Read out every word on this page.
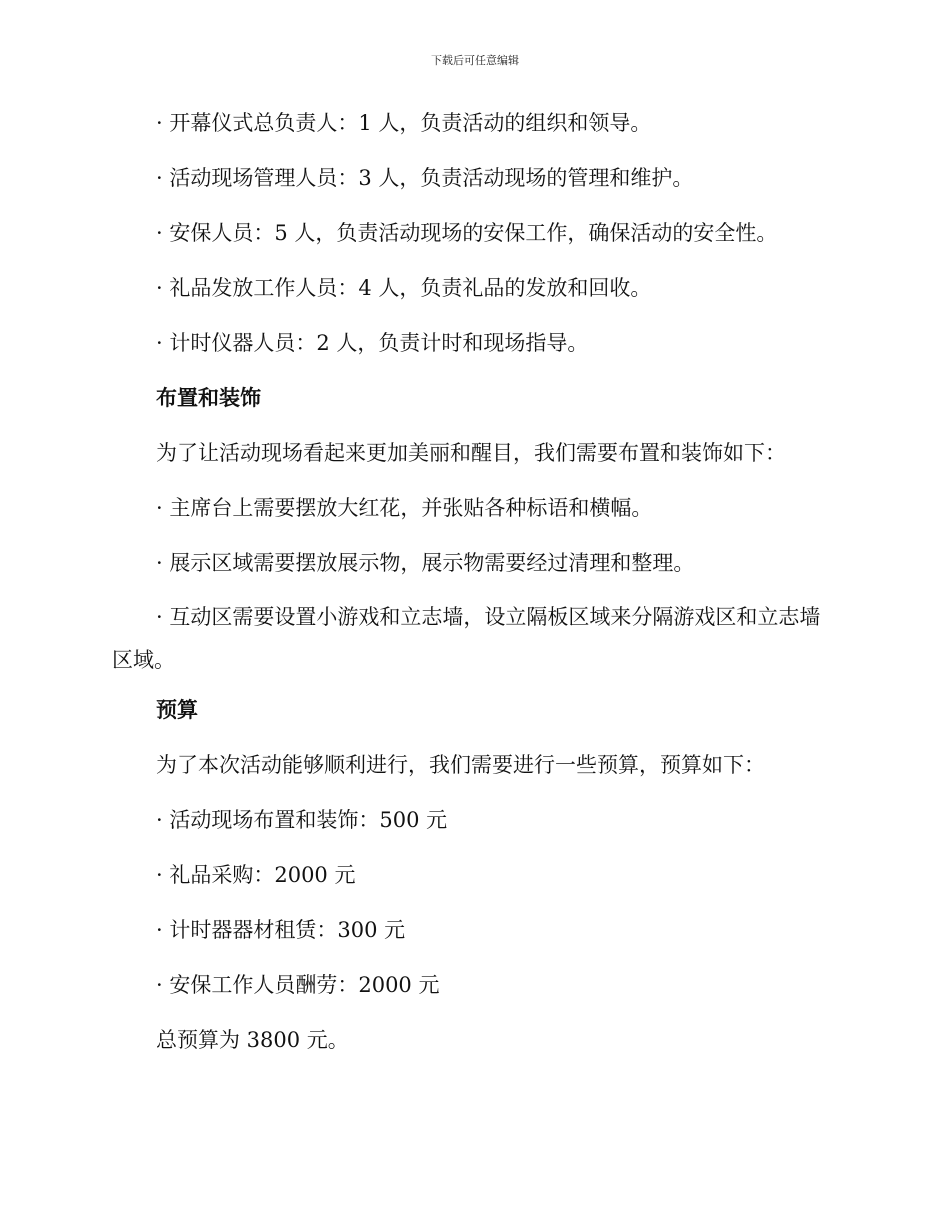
下载后可任意编辑

· 开幕仪式总负责人：1 人，负责活动的组织和领导。

· 活动现场管理人员：3 人，负责活动现场的管理和维护。

· 安保人员：5 人，负责活动现场的安保工作，确保活动的安全性。

· 礼品发放工作人员：4 人，负责礼品的发放和回收。

· 计时仪器人员：2 人，负责计时和现场指导。

布置和装饰

为了让活动现场看起来更加美丽和醒目，我们需要布置和装饰如下：

· 主席台上需要摆放大红花，并张贴各种标语和横幅。

· 展示区域需要摆放展示物，展示物需要经过清理和整理。

· 互动区需要设置小游戏和立志墙，设立隔板区域来分隔游戏区和立志墙区域。

预算

为了本次活动能够顺利进行，我们需要进行一些预算，预算如下：

· 活动现场布置和装饰：500 元

· 礼品采购：2000 元

· 计时器器材租赁：300 元

· 安保工作人员酬劳：2000 元

总预算为 3800 元。
